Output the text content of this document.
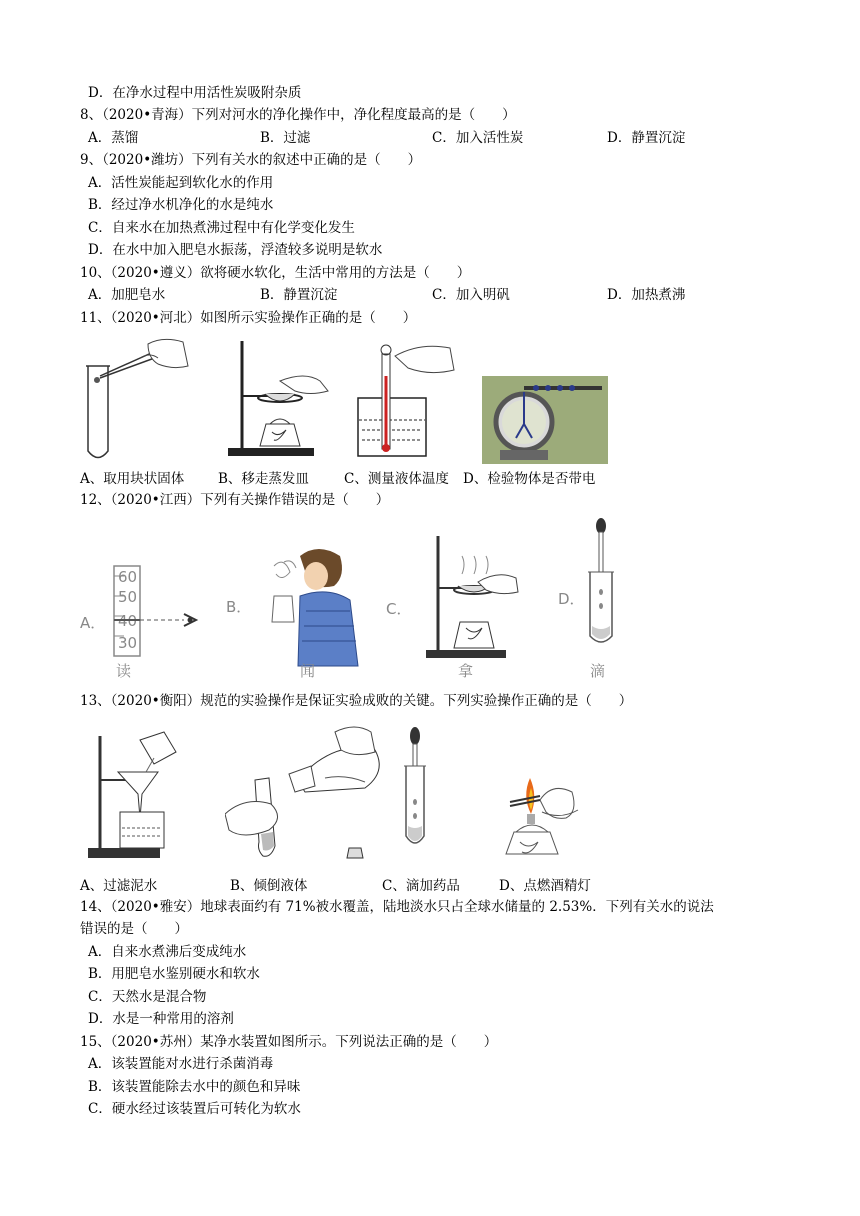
D．在净水过程中用活性炭吸附杂质
8、（2020•青海）下列对河水的净化操作中，净化程度最高的是（　　）
A．蒸馏	B．过滤	C．加入活性炭	D．静置沉淀
9、（2020•潍坊）下列有关水的叙述中正确的是（　　）
A．活性炭能起到软化水的作用
B．经过净水机净化的水是纯水
C．自来水在加热煮沸过程中有化学变化发生
D．在水中加入肥皂水振荡，浮渣较多说明是软水
10、（2020•遵义）欲将硬水软化，生活中常用的方法是（　　）
A．加肥皂水	B．静置沉淀	C．加入明矾	D．加热煮沸
11、（2020•河北）如图所示实验操作正确的是（　　）
A、取用块状固体	B、移走蒸发皿	C、测量液体温度 D、检验物体是否带电
12、（2020•江西）下列有关操作错误的是（　　）
A．
60
50
40
30
读
B．
闻
C．
拿
D．
滴
13、（2020•衡阳）规范的实验操作是保证实验成败的关键。下列实验操作正确的是（　　）
A、过滤泥水	B、倾倒液体	C、滴加药品	D、点燃酒精灯
14、（2020•雅安）地球表面约有 71%被水覆盖，陆地淡水只占全球水储量的 2.53%．下列有关水的说法
错误的是（　　）
A．自来水煮沸后变成纯水
B．用肥皂水鉴别硬水和软水
C．天然水是混合物
D．水是一种常用的溶剂
15、（2020•苏州）某净水装置如图所示。下列说法正确的是（　　）
A．该装置能对水进行杀菌消毒
B．该装置能除去水中的颜色和异味
C．硬水经过该装置后可转化为软水
